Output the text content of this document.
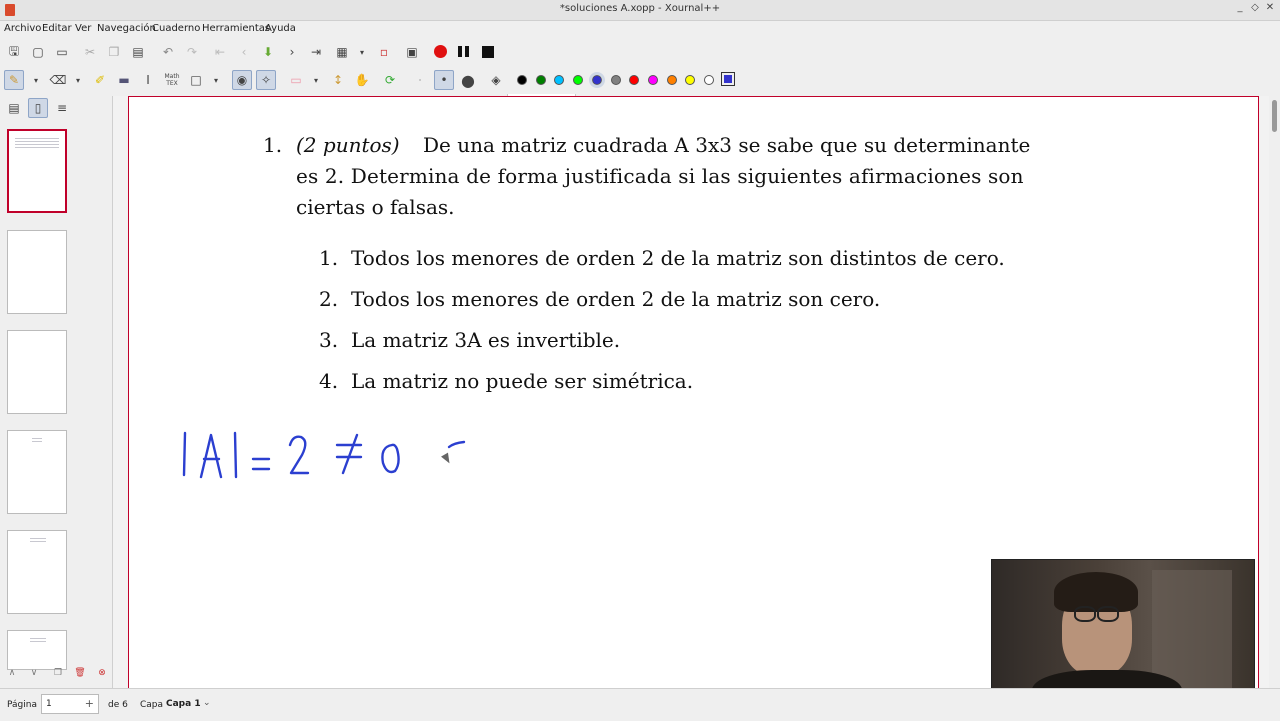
*soluciones A.xopp - Xournal++	_ ◇ ✕
Archivo Editar Ver Navegación
Cuaderno Herramientas
Ayuda
🖫	▢	▭	✂	❐	▤	↶	↷	⇤	‹	⬇	›	⇥	▦	▾	▫	▣
✎	▾ ⌫	▾	✐	▬	Ⅰ	Math
TEX	□	▾	◉	✧	▭	▾	↕ ✋	⟳	·	• ●	◈
▤	▯	≡
∧	∨	❐	🗑	⊗
1. (2 puntos) De una matriz cuadrada A 3x3 se sabe que su determinante
es 2. Determina de forma justificada si las siguientes afirmaciones son
ciertas o falsas.
1. Todos los menores de orden 2 de la matriz son distintos de cero.
2. Todos los menores de orden 2 de la matriz son cero.
3. La matriz 3A es invertible.
4. La matriz no puede ser simétrica.
Página 1	+ de 6 Capa Capa 1 ⌄
